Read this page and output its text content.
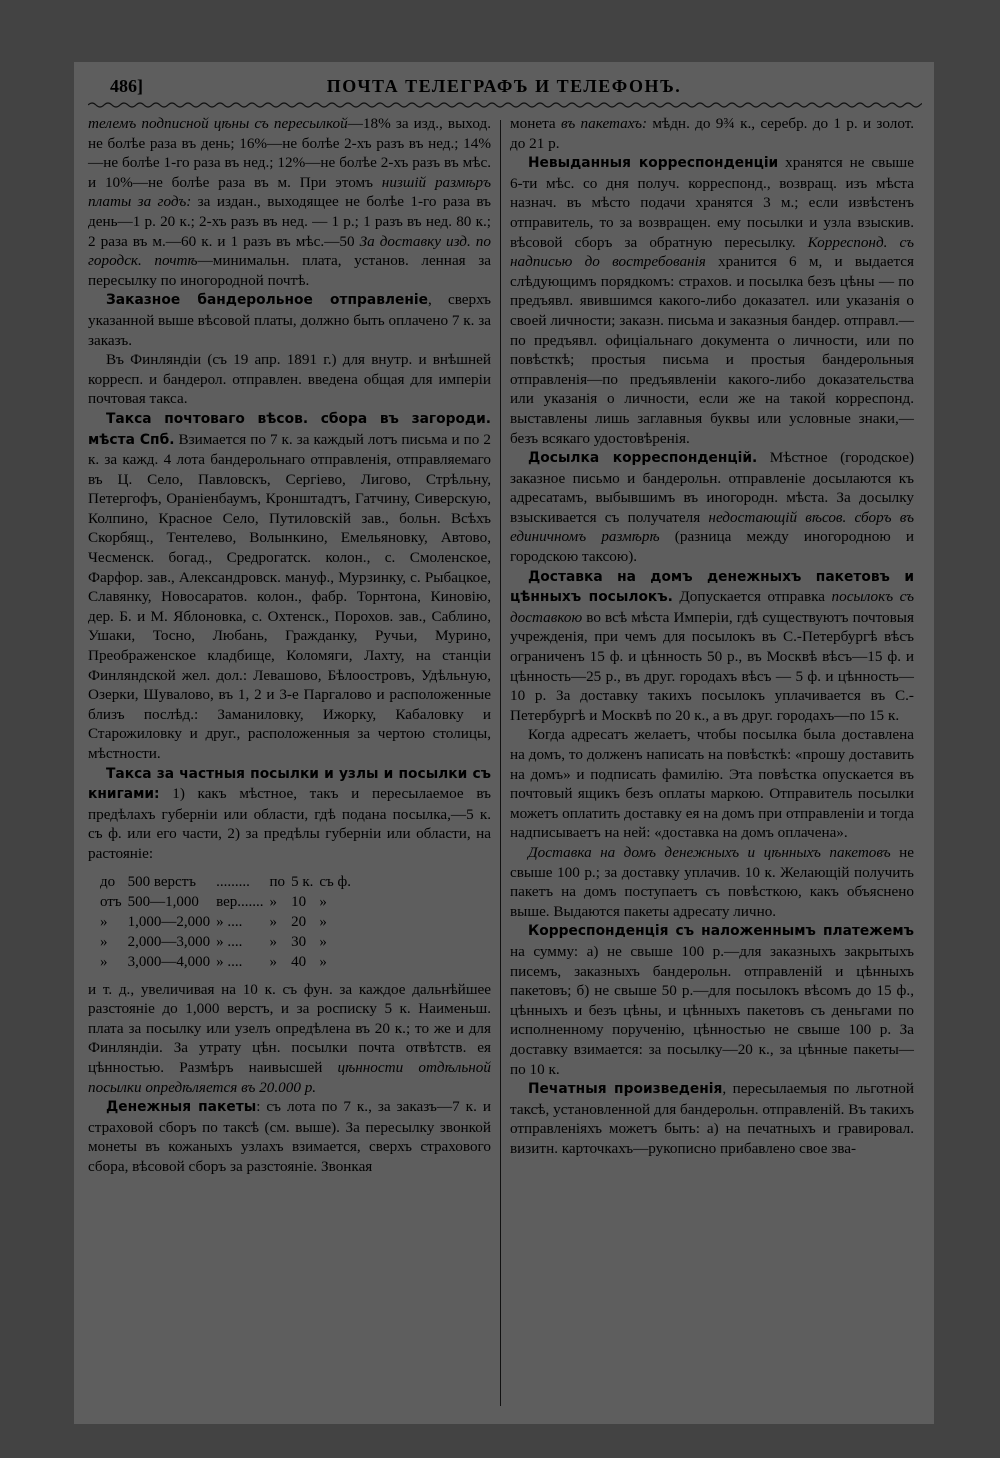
486]	ПОЧТА ТЕЛЕГРАФЪ И ТЕЛЕФОНЪ.

телемъ подписной цѣны съ пересылкой—18% за изд., выход. не болѣе раза въ день; 16%—не болѣе 2-хъ разъ въ нед.; 14%—не болѣе 1-го раза въ нед.; 12%—не болѣе 2-хъ разъ въ мѣс. и 10%—не болѣе раза въ м. При этомъ низшій размѣръ платы за годъ: за издан., выходящее не болѣе 1-го раза въ день—1 р. 20 к.; 2-хъ разъ въ нед. — 1 р.; 1 разъ въ нед. 80 к.; 2 раза въ м.—60 к. и 1 разъ въ мѣс.—50 За доставку изд. по городск. почтѣ—минимальн. плата, установ. ленная за пересылку по иногородной почтѣ.

Заказное бандерольное отправленіе, сверхъ указанной выше вѣсовой платы, должно быть оплачено 7 к. за заказъ.

Въ Финляндіи (съ 19 апр. 1891 г.) для внутр. и внѣшней корресп. и бандерол. отправлен. введена общая для имперіи почтовая такса.

Такса почтоваго вѣсов. сбора въ загороди. мѣста Спб. Взимается по 7 к. за каждый лотъ письма и по 2 к. за кажд. 4 лота бандерольнаго отправленія, отправляемаго въ Ц. Село, Павловскъ, Сергіево, Лигово, Стрѣльну, Петергофъ, Ораніенбаумъ, Кронштадтъ, Гатчину, Сиверскую, Колпино, Красное Село, Путиловскій зав., больн. Всѣхъ Скорбящ., Тентелево, Волынкино, Емельяновку, Автово, Чесменск. богад., Средрогатск. колон., с. Смоленское, Фарфор. зав., Александровск. мануф., Мурзинку, с. Рыбацкое, Славянку, Новосаратов. колон., фабр. Торнтона, Киновію, дер. Б. и М. Яблоновка, с. Охтенск., Порохов. зав., Саблино, Ушаки, Тосно, Любань, Гражданку, Ручьи, Мурино, Преображенское кладбище, Коломяги, Лахту, на станціи Финляндской жел. дол.: Левашово, Бѣлоостровъ, Удѣльную, Озерки, Шувалово, въ 1, 2 и 3-е Паргалово и расположенные близъ послѣд.: Заманиловку, Ижорку, Кабаловку и Старожиловку и друг., расположенныя за чертою столицы, мѣстности.

Такса за частныя посылки и узлы и посылки съ книгами: 1) какъ мѣстное, такъ и пересылаемое въ предѣлахъ губерніи или области, гдѣ подана посылка,—5 к. съ ф. или его части, 2) за предѣлы губерніи или области, на растояніе:

до	500 верстъ	.........	по	5 к.	съ ф.
отъ	500—1,000	вер.......	»	10	»
»	1,000—2,000	» ....	»	20	»
»	2,000—3,000	» ....	»	30	»
»	3,000—4,000	» ....	»	40	»

и т. д., увеличивая на 10 к. съ фун. за каждое дальнѣйшее разстояніе до 1,000 верстъ, и за роспиcку 5 к. Наименьш. плата за посылку или узелъ опредѣлена въ 20 к.; то же и для Финляндіи. За утрату цѣн. посылки почта отвѣтств. ея цѣнностью. Размѣръ наивысшей цѣнности отдѣльной посылки опредѣляется въ 20.000 р.

Денежныя пакеты: съ лота по 7 к., за заказъ—7 к. и страховой сборъ по таксѣ (см. выше). За пересылку звонкой монеты въ кожаныхъ узлахъ взимается, сверхъ страхового сбора, вѣсовой сборъ за разстояніе. Звонкая

монета въ пакетахъ: мѣдн. до 9¾ к., серебр. до 1 р. и золот. до 21 р.

Невыданныя корреспонденціи хранятся не свыше 6-ти мѣс. со дня получ. корреспонд., возвращ. изъ мѣста назнач. въ мѣсто подачи хранятся 3 м.; если извѣстенъ отправитель, то за возвращен. ему посылки и узла взыскив. вѣсовой сборъ за обратную пересылку. Корреспонд. съ надписью до востребованія хранится 6 м, и выдается слѣдующимъ порядкомъ: страхов. и посылка безъ цѣны — по предъявл. явившимся какого-либо доказател. или указанія о своей личности; заказн. письма и заказныя бандер. отправл.—по предъявл. офиціальнаго документа о личности, или по повѣсткѣ; простыя письма и простыя бандерольныя отправленія—по предъявленіи какого-либо доказательства или указанія о личности, если же на такой корреспонд. выставлены лишь заглавныя буквы или условные знаки,—безъ всякаго удостовѣренія.

Досылка корреспонденцій. Мѣстное (городское) заказное письмо и бандерольн. отправленіе досылаются къ адресатамъ, выбывшимъ въ иногородн. мѣста. За досылку взыскивается съ получателя недостающій вѣсов. сборъ въ единичномъ размѣрѣ (разница между иногородною и городскою таксою).

Доставка на домъ денежныхъ пакетовъ и цѣнныхъ посылокъ. Допускается отправка посылокъ съ доставкою во всѣ мѣста Имперіи, гдѣ существуютъ почтовыя учрежденія, при чемъ для посылокъ въ С.-Петербургѣ вѣсъ ограниченъ 15 ф. и цѣнность 50 р., въ Москвѣ вѣсъ—15 ф. и цѣнность—25 р., въ друг. городахъ вѣсъ — 5 ф. и цѣнность—10 р. За доставку такихъ посылокъ уплачивается въ С.-Петербургѣ и Москвѣ по 20 к., а въ друг. городахъ—по 15 к.

Когда адресатъ желаетъ, чтобы посылка была доставлена на домъ, то долженъ написать на повѣсткѣ: «прошу доставить на домъ» и подписать фамилію. Эта повѣстка опускается въ почтовый ящикъ безъ оплаты маркою. Отправитель посылки можетъ оплатить доставку ея на домъ при отправленіи и тогда надписываетъ на ней: «доставка на домъ оплачена».

Доставка на домъ денежныхъ и цѣнныхъ пакетовъ не свыше 100 р.; за доставку уплачив. 10 к. Желающій получить пакетъ на домъ поступаетъ съ повѣсткою, какъ объяснено выше. Выдаются пакеты адресату лично.

Корреспонденція съ наложеннымъ платежемъ на сумму: а) не свыше 100 р.—для заказныхъ закрытыхъ писемъ, заказныхъ бандерольн. отправленій и цѣнныхъ пакетовъ; б) не свыше 50 р.—для посылокъ вѣсомъ до 15 ф., цѣнныхъ и безъ цѣны, и цѣнныхъ пакетовъ съ деньгами по исполненному порученію, цѣнностью не свыше 100 р. За доставку взимается: за посылку—20 к., за цѣнные пакеты—по 10 к.

Печатныя произведенія, пересылаемыя по льготной таксѣ, установленной для бандерольн. отправленій. Въ такихъ отправленіяхъ можетъ быть: а) на печатныхъ и гравировал. визитн. карточкахъ—рукописно прибавлено свое зва-
